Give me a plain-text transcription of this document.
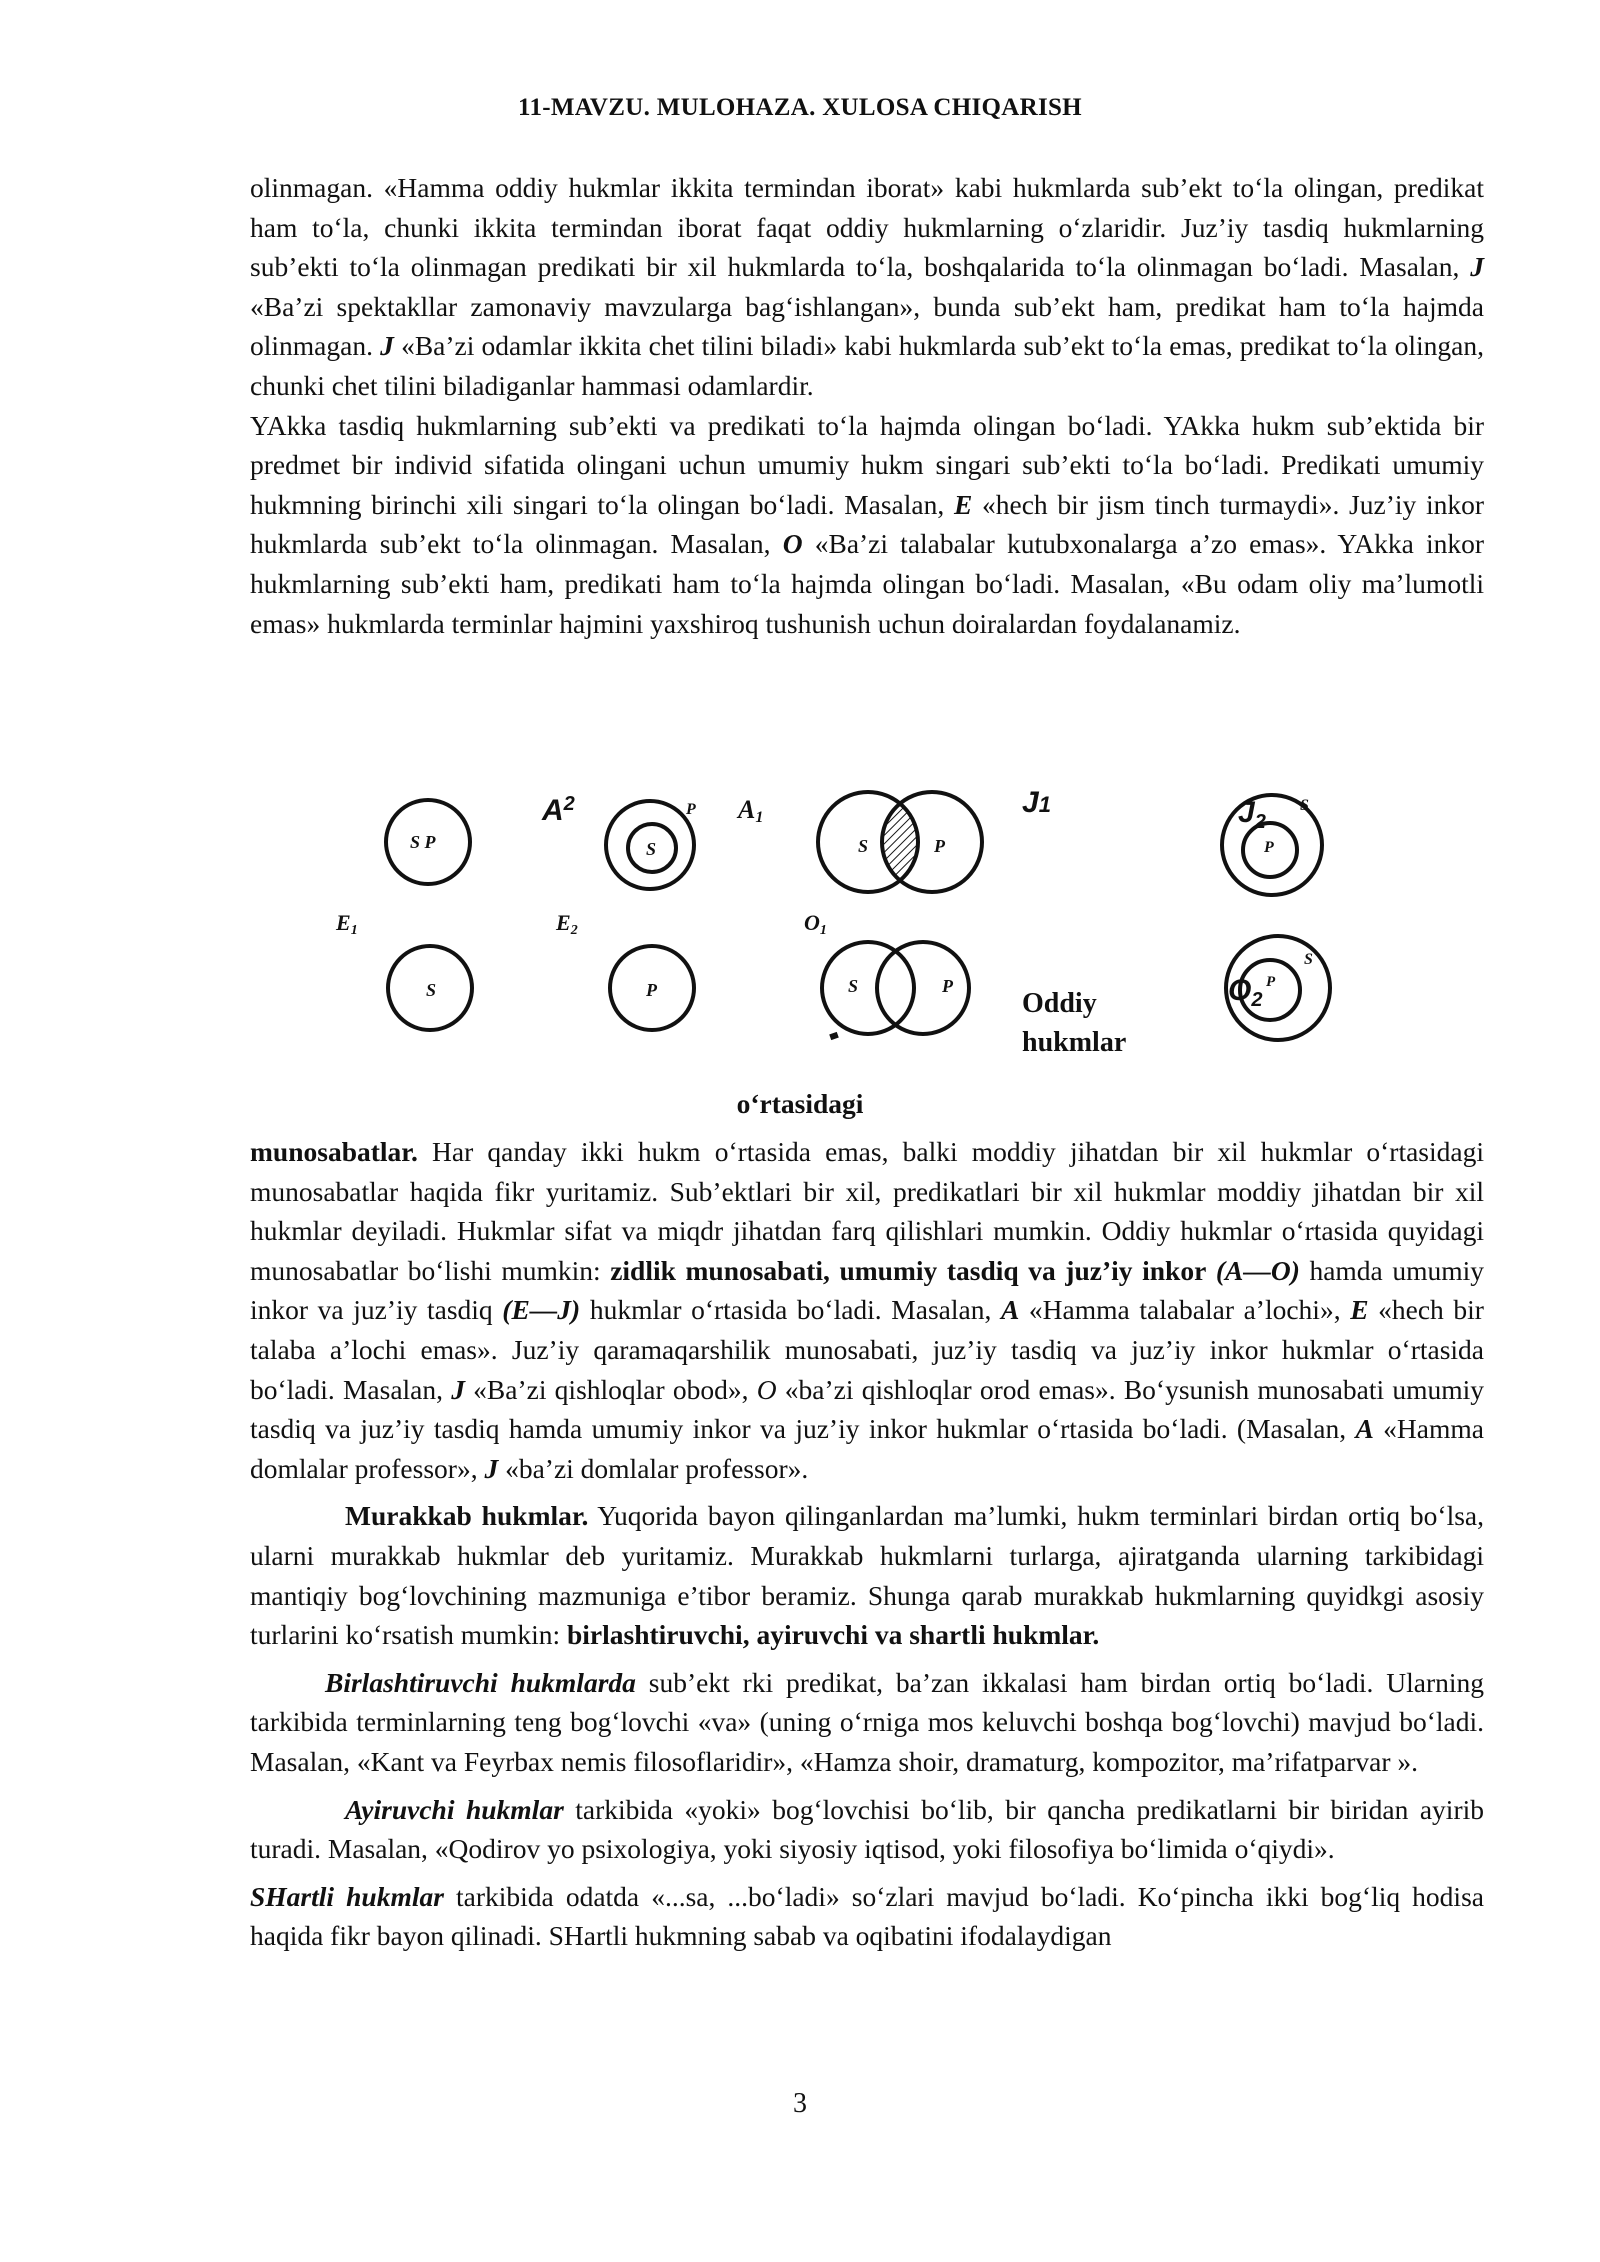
11-MAVZU. MULOHAZA. XULOSA CHIQARISH

olinmagan. «Hamma oddiy hukmlar ikkita termindan iborat» kabi hukmlarda sub’ekt to‘la olingan, predikat ham to‘la, chunki ikkita termindan iborat faqat oddiy hukmlarning o‘zlaridir. Juz’iy tasdiq hukmlarning sub’ekti to‘la olinmagan predikati bir xil hukmlarda to‘la, boshqalarida to‘la olinmagan bo‘ladi. Masalan, J «Ba’zi spektakllar zamonaviy mavzularga bag‘ishlangan», bunda sub’ekt ham, predikat ham to‘la hajmda olinmagan. J «Ba’zi odamlar ikkita chet tilini biladi» kabi hukmlarda sub’ekt to‘la emas, predikat to‘la olingan, chunki chet tilini biladiganlar hammasi odamlardir.

YAkka tasdiq hukmlarning sub’ekti va predikati to‘la hajmda olingan bo‘ladi. YAkka hukm sub’ektida bir predmet bir individ sifatida olingani uchun umumiy hukm singari sub’ekti to‘la bo‘ladi. Predikati umumiy hukmning birinchi xili singari to‘la olingan bo‘ladi. Masalan, E «hech bir jism tinch turmaydi». Juz’iy inkor hukmlarda sub’ekt to‘la olinmagan. Masalan, O «Ba’zi talabalar kutubxonalarga a’zo emas». YAkka inkor hukmlarning sub’ekti ham, predikati ham to‘la hajmda olingan bo‘ladi. Masalan, «Bu odam oliy ma’lumotli emas» hukmlarda terminlar hajmini yaxshiroq tushunish uchun doiralardan foydalanamiz.

S P	S
P
S	P
S
P
S	P	S	P
S
P
$A^2$	J1	$J_2$
$O_2$
A1
E1	E2	O1
Oddiy
hukmlar
o‘rtasidagi

munosabatlar. Har qanday ikki hukm o‘rtasida emas, balki moddiy jihatdan bir xil hukmlar o‘rtasidagi munosabatlar haqida fikr yuritamiz. Sub’ektlari bir xil, predikatlari bir xil hukmlar moddiy jihatdan bir xil hukmlar deyiladi. Hukmlar sifat va miqdr jihatdan farq qilishlari mumkin. Oddiy hukmlar o‘rtasida quyidagi munosabatlar bo‘lishi mumkin: zidlik munosabati, umumiy tasdiq va juz’iy inkor (A—O) hamda umumiy inkor va juz’iy tasdiq (E—J) hukmlar o‘rtasida bo‘ladi. Masalan, A «Hamma talabalar a’lochi», E «hech bir talaba a’lochi emas». Juz’iy qaramaqarshilik munosabati, juz’iy tasdiq va juz’iy inkor hukmlar o‘rtasida bo‘ladi. Masalan, J «Ba’zi qishloqlar obod», O «ba’zi qishloqlar orod emas». Bo‘ysunish munosabati umumiy tasdiq va juz’iy tasdiq hamda umumiy inkor va juz’iy inkor hukmlar o‘rtasida bo‘ladi. (Masalan, A «Hamma domlalar professor», J «ba’zi domlalar professor».

Murakkab hukmlar. Yuqorida bayon qilinganlardan ma’lumki, hukm terminlari birdan ortiq bo‘lsa, ularni murakkab hukmlar deb yuritamiz. Murakkab hukmlarni turlarga, ajiratganda ularning tarkibidagi mantiqiy bog‘lovchining mazmuniga e’tibor beramiz. Shunga qarab murakkab hukmlarning quyidkgi asosiy turlarini ko‘rsatish mumkin: birlashtiruvchi, ayiruvchi va shartli hukmlar.

Birlashtiruvchi hukmlarda sub’ekt rki predikat, ba’zan ikkalasi ham birdan ortiq bo‘ladi. Ularning tarkibida terminlarning teng bog‘lovchi «va» (uning o‘rniga mos keluvchi boshqa bog‘lovchi) mavjud bo‘ladi. Masalan, «Kant va Feyrbax nemis filosoflaridir», «Hamza shoir, dramaturg, kompozitor, ma’rifatparvar ».

Ayiruvchi hukmlar tarkibida «yoki» bog‘lovchisi bo‘lib, bir qancha predikatlarni bir biridan ayirib turadi. Masalan, «Qodirov yo psixologiya, yoki siyosiy iqtisod, yoki filosofiya bo‘limida o‘qiydi».

SHartli hukmlar tarkibida odatda «...sa, ...bo‘ladi» so‘zlari mavjud bo‘ladi. Ko‘pincha ikki bog‘liq hodisa haqida fikr bayon qilinadi. SHartli hukmning sabab va oqibatini ifodalaydigan

3
